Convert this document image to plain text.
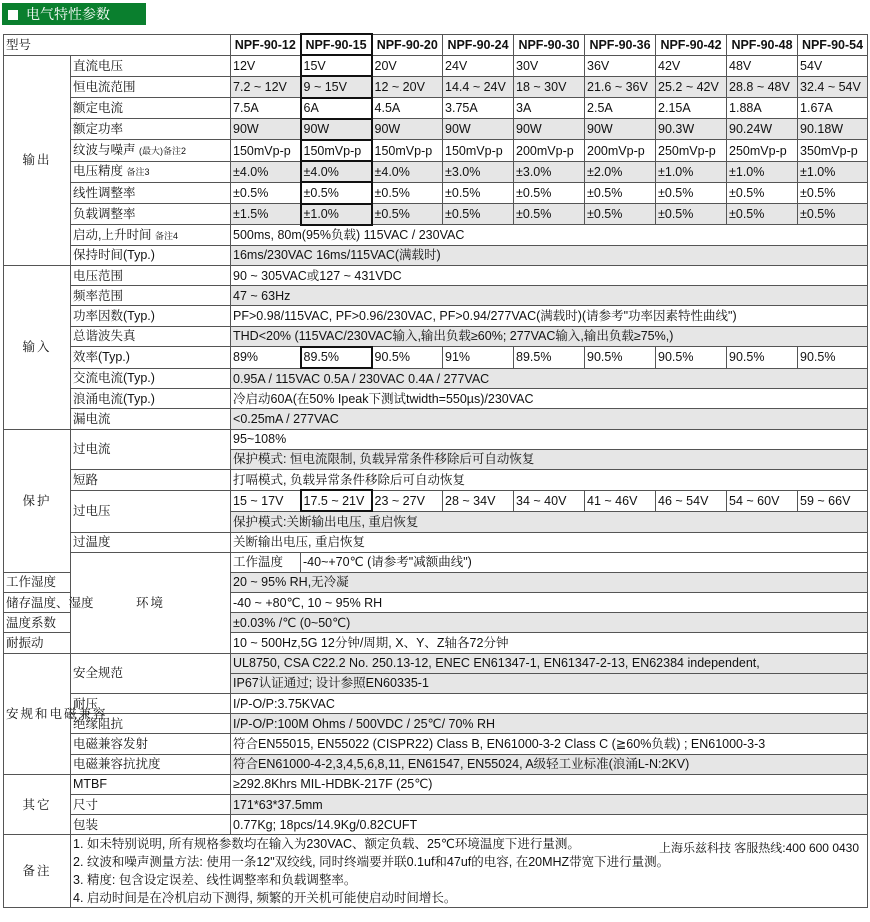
电气特性参数
型号		NPF-90-12	NPF-90-15	NPF-90-20	NPF-90-24	NPF-90-30	NPF-90-36	NPF-90-42	NPF-90-48	NPF-90-54
输出	直流电压	12V	15V	20V	24V	30V	36V	42V	48V	54V
	恒电流范围	7.2 ~ 12V	9 ~ 15V	12 ~ 20V	14.4 ~ 24V	18 ~ 30V	21.6 ~ 36V	25.2 ~ 42V	28.8 ~ 48V	32.4 ~ 54V
	额定电流	7.5A	6A	4.5A	3.75A	3A	2.5A	2.15A	1.88A	1.67A
	额定功率	90W	90W	90W	90W	90W	90W	90.3W	90.24W	90.18W
	纹波与噪声 (最大)备注2	150mVp-p	150mVp-p	150mVp-p	150mVp-p	200mVp-p	200mVp-p	250mVp-p	250mVp-p	350mVp-p
	电压精度 备注3	±4.0%	±4.0%	±4.0%	±3.0%	±3.0%	±2.0%	±1.0%	±1.0%	±1.0%
	线性调整率	±0.5%	±0.5%	±0.5%	±0.5%	±0.5%	±0.5%	±0.5%	±0.5%	±0.5%
	负载调整率	±1.5%	±1.0%	±0.5%	±0.5%	±0.5%	±0.5%	±0.5%	±0.5%	±0.5%
	启动,上升时间 备注4	500ms, 80m(95%负载) 115VAC / 230VAC								
	保持时间(Typ.)	16ms/230VAC 16ms/115VAC(满载时)								
输入	电压范围	90 ~ 305VAC或127 ~ 431VDC								
	频率范围	47 ~ 63Hz								
	功率因数(Typ.)	PF>0.98/115VAC, PF>0.96/230VAC, PF>0.94/277VAC(满载时)(请参考"功率因素特性曲线")								
	总谐波失真	THD<20% (115VAC/230VAC输入,输出负载≥60%; 277VAC输入,输出负载≥75%,)								
	效率(Typ.)	89%	89.5%	90.5%	91%	89.5%	90.5%	90.5%	90.5%	90.5%
	交流电流(Typ.)	0.95A / 115VAC 0.5A / 230VAC 0.4A / 277VAC								
	浪涌电流(Typ.)	冷启动60A(在50% Ipeak下测试twidth=550µs)/230VAC								
	漏电流	<0.25mA / 277VAC								
保护	过电流	95~108%								
		保护模式: 恒电流限制, 负载异常条件移除后可自动恢复								
	短路	打嗝模式, 负载异常条件移除后可自动恢复								
	过电压	15 ~ 17V	17.5 ~ 21V	23 ~ 27V	28 ~ 34V	34 ~ 40V	41 ~ 46V	46 ~ 54V	54 ~ 60V	59 ~ 66V
		保护模式:关断输出电压, 重启恢复								
	过温度	关断输出电压, 重启恢复								
	环境	工作温度	-40~+70℃ (请参考"减额曲线")							
工作湿度		20 ~ 95% RH,无冷凝								
储存温度、湿度		-40 ~ +80℃, 10 ~ 95% RH								
温度系数		±0.03% /℃ (0~50℃)								
耐振动		10 ~ 500Hz,5G 12分钟/周期, X、Y、Z轴各72分钟								
安规和电磁兼容	安全规范	UL8750, CSA C22.2 No. 250.13-12, ENEC EN61347-1, EN61347-2-13, EN62384 independent,								
		IP67认证通过; 设计参照EN60335-1								
	耐压	I/P-O/P:3.75KVAC								
	绝缘阻抗	I/P-O/P:100M Ohms / 500VDC / 25℃/ 70% RH								
	电磁兼容发射	符合EN55015, EN55022 (CISPR22) Class B, EN61000-3-2 Class C (≧60%负载) ; EN61000-3-3								
	电磁兼容抗扰度	符合EN61000-4-2,3,4,5,6,8,11, EN61547, EN55024, A级轻工业标准(浪涌L-N:2KV)								
其它	MTBF	≥292.8Khrs MIL-HDBK-217F (25℃)								
	尺寸	171*63*37.5mm								
	包装	0.77Kg; 18pcs/14.9Kg/0.82CUFT								
备注	1. 如未特别说明, 所有规格参数均在输入为230VAC、额定负载、25℃环境温度下进行量测。
2. 纹波和噪声测量方法: 使用一条12"双绞线, 同时终端要并联0.1uf和47uf的电容, 在20MHZ带宽下进行量测。
3. 精度: 包含设定误差、线性调整率和负载调整率。
4. 启动时间是在冷机启动下测得, 频繁的开关机可能使启动时间增长。
上海乐兹科技 客服热线:400 600 0430									
